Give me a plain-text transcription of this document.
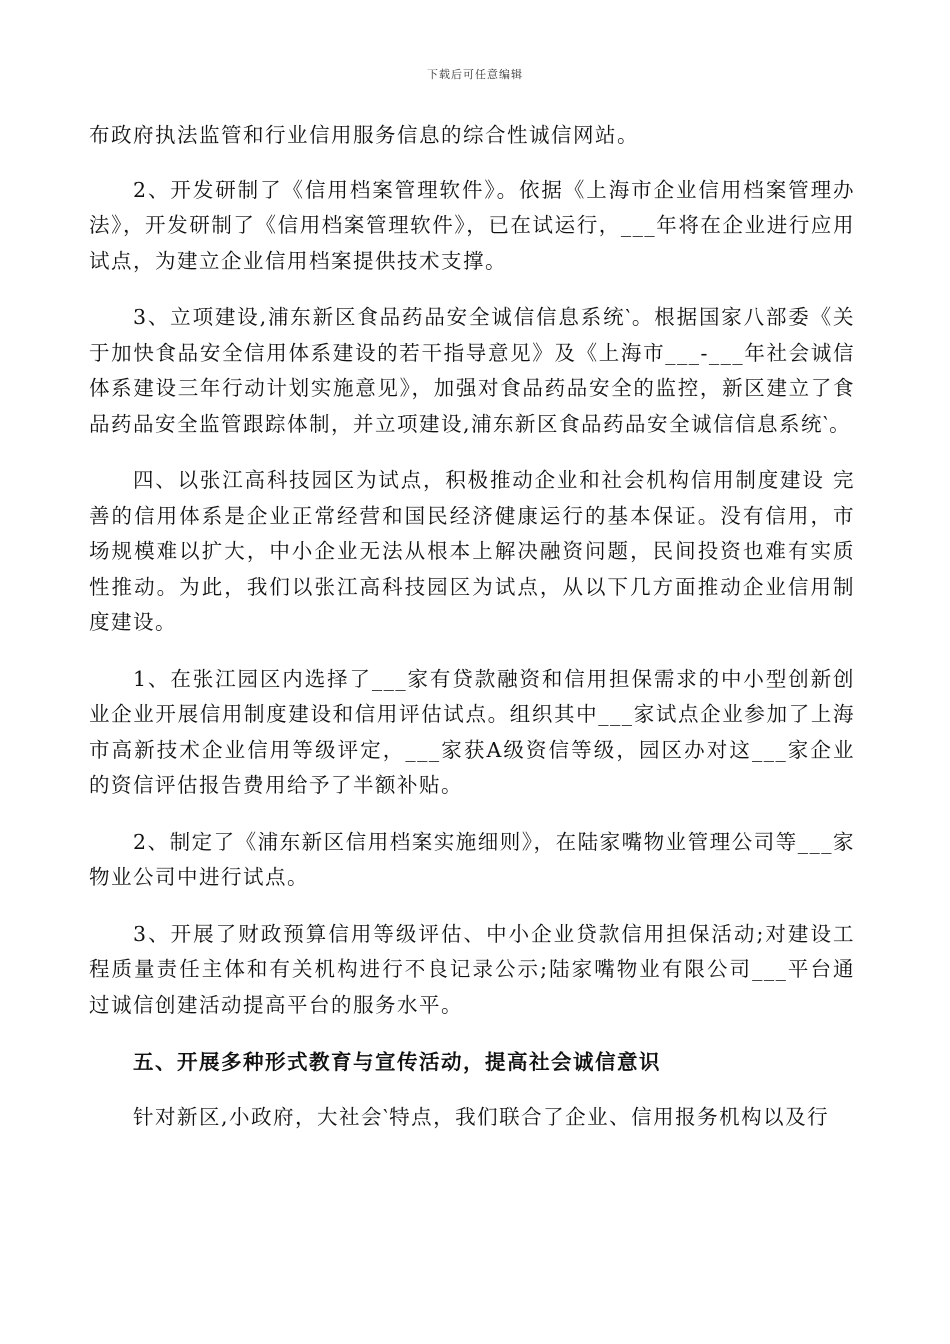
下载后可任意编辑

布政府执法监管和行业信用服务信息的综合性诚信网站。

2、开发研制了《信用档案管理软件》。依据《上海市企业信用档案管理办法》，开发研制了《信用档案管理软件》，已在试运行，___年将在企业进行应用试点，为建立企业信用档案提供技术支撑。

3、立项建设,浦东新区食品药品安全诚信信息系统‵。根据国家八部委《关于加快食品安全信用体系建设的若干指导意见》及《上海市___-___年社会诚信体系建设三年行动计划实施意见》，加强对食品药品安全的监控，新区建立了食品药品安全监管跟踪体制，并立项建设,浦东新区食品药品安全诚信信息系统‵。

四、以张江高科技园区为试点，积极推动企业和社会机构信用制度建设 完善的信用体系是企业正常经营和国民经济健康运行的基本保证。没有信用，市场规模难以扩大，中小企业无法从根本上解决融资问题，民间投资也难有实质性推动。为此，我们以张江高科技园区为试点，从以下几方面推动企业信用制度建设。

1、在张江园区内选择了___家有贷款融资和信用担保需求的中小型创新创业企业开展信用制度建设和信用评估试点。组织其中___家试点企业参加了上海市高新技术企业信用等级评定，___家获A级资信等级，园区办对这___家企业的资信评估报告费用给予了半额补贴。

2、制定了《浦东新区信用档案实施细则》，在陆家嘴物业管理公司等___家物业公司中进行试点。

3、开展了财政预算信用等级评估、中小企业贷款信用担保活动;对建设工程质量责任主体和有关机构进行不良记录公示;陆家嘴物业有限公司___平台通过诚信创建活动提高平台的服务水平。

五、开展多种形式教育与宣传活动，提高社会诚信意识

针对新区,小政府，大社会‵特点，我们联合了企业、信用报务机构以及行
